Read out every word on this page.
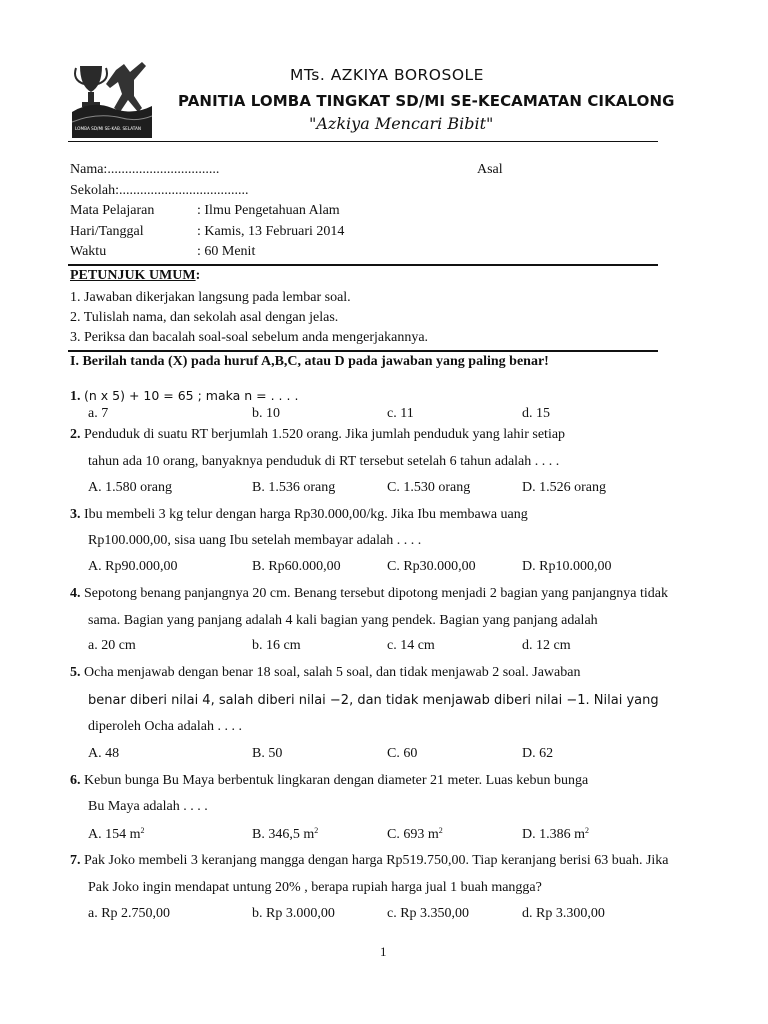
LOMBA SD/MI SE-KAB. SELATAN
MTs. AZKIYA BOROSOLE
PANITIA LOMBA TINGKAT SD/MI SE-KECAMATAN CIKALONG
"Azkiya Mencari Bibit"
Nama:................................	Asal
Sekolah:.....................................
Mata Pelajaran	: Ilmu Pengetahuan Alam
Hari/Tanggal	: Kamis, 13 Februari 2014
Waktu	: 60 Menit
PETUNJUK UMUM:
1. Jawaban dikerjakan langsung pada lembar soal.
2. Tulislah nama, dan sekolah asal dengan jelas.
3. Periksa dan bacalah soal-soal sebelum anda mengerjakannya.
I. Berilah tanda (X) pada huruf A,B,C, atau D pada jawaban yang paling benar!
1. (n x 5) + 10 = 65 ; maka n = . . . .
a. 7	b. 10	c. 11	d. 15
2. Penduduk di suatu RT berjumlah 1.520 orang. Jika jumlah penduduk yang lahir setiap
tahun ada 10 orang, banyaknya penduduk di RT tersebut setelah 6 tahun adalah . . . .
A. 1.580 orang	B. 1.536 orang	C. 1.530 orang	D. 1.526 orang
3. Ibu membeli 3 kg telur dengan harga Rp30.000,00/kg. Jika Ibu membawa uang
Rp100.000,00, sisa uang Ibu setelah membayar adalah . . . .
A. Rp90.000,00	B. Rp60.000,00	C. Rp30.000,00	D. Rp10.000,00
4. Sepotong benang panjangnya 20 cm. Benang tersebut dipotong menjadi 2 bagian yang panjangnya tidak
sama. Bagian yang panjang adalah 4 kali bagian yang pendek. Bagian yang panjang adalah
a. 20 cm	b. 16 cm	c. 14 cm	d. 12 cm
5. Ocha menjawab dengan benar 18 soal, salah 5 soal, dan tidak menjawab 2 soal. Jawaban
benar diberi nilai 4, salah diberi nilai −2, dan tidak menjawab diberi nilai −1. Nilai yang
diperoleh Ocha adalah . . . .
A. 48	B. 50	C. 60	D. 62
6. Kebun bunga Bu Maya berbentuk lingkaran dengan diameter 21 meter. Luas kebun bunga
Bu Maya adalah . . . .
A. 154 $m^2$	B. 346,5 $m^2$	C. 693 $m^2$	D. 1.386 $m^2$
7. Pak Joko membeli 3 keranjang mangga dengan harga Rp519.750,00. Tiap keranjang berisi 63 buah. Jika
Pak Joko ingin mendapat untung 20% , berapa rupiah harga jual 1 buah mangga?
a. Rp 2.750,00	b. Rp 3.000,00	c. Rp 3.350,00	d. Rp 3.300,00
1
